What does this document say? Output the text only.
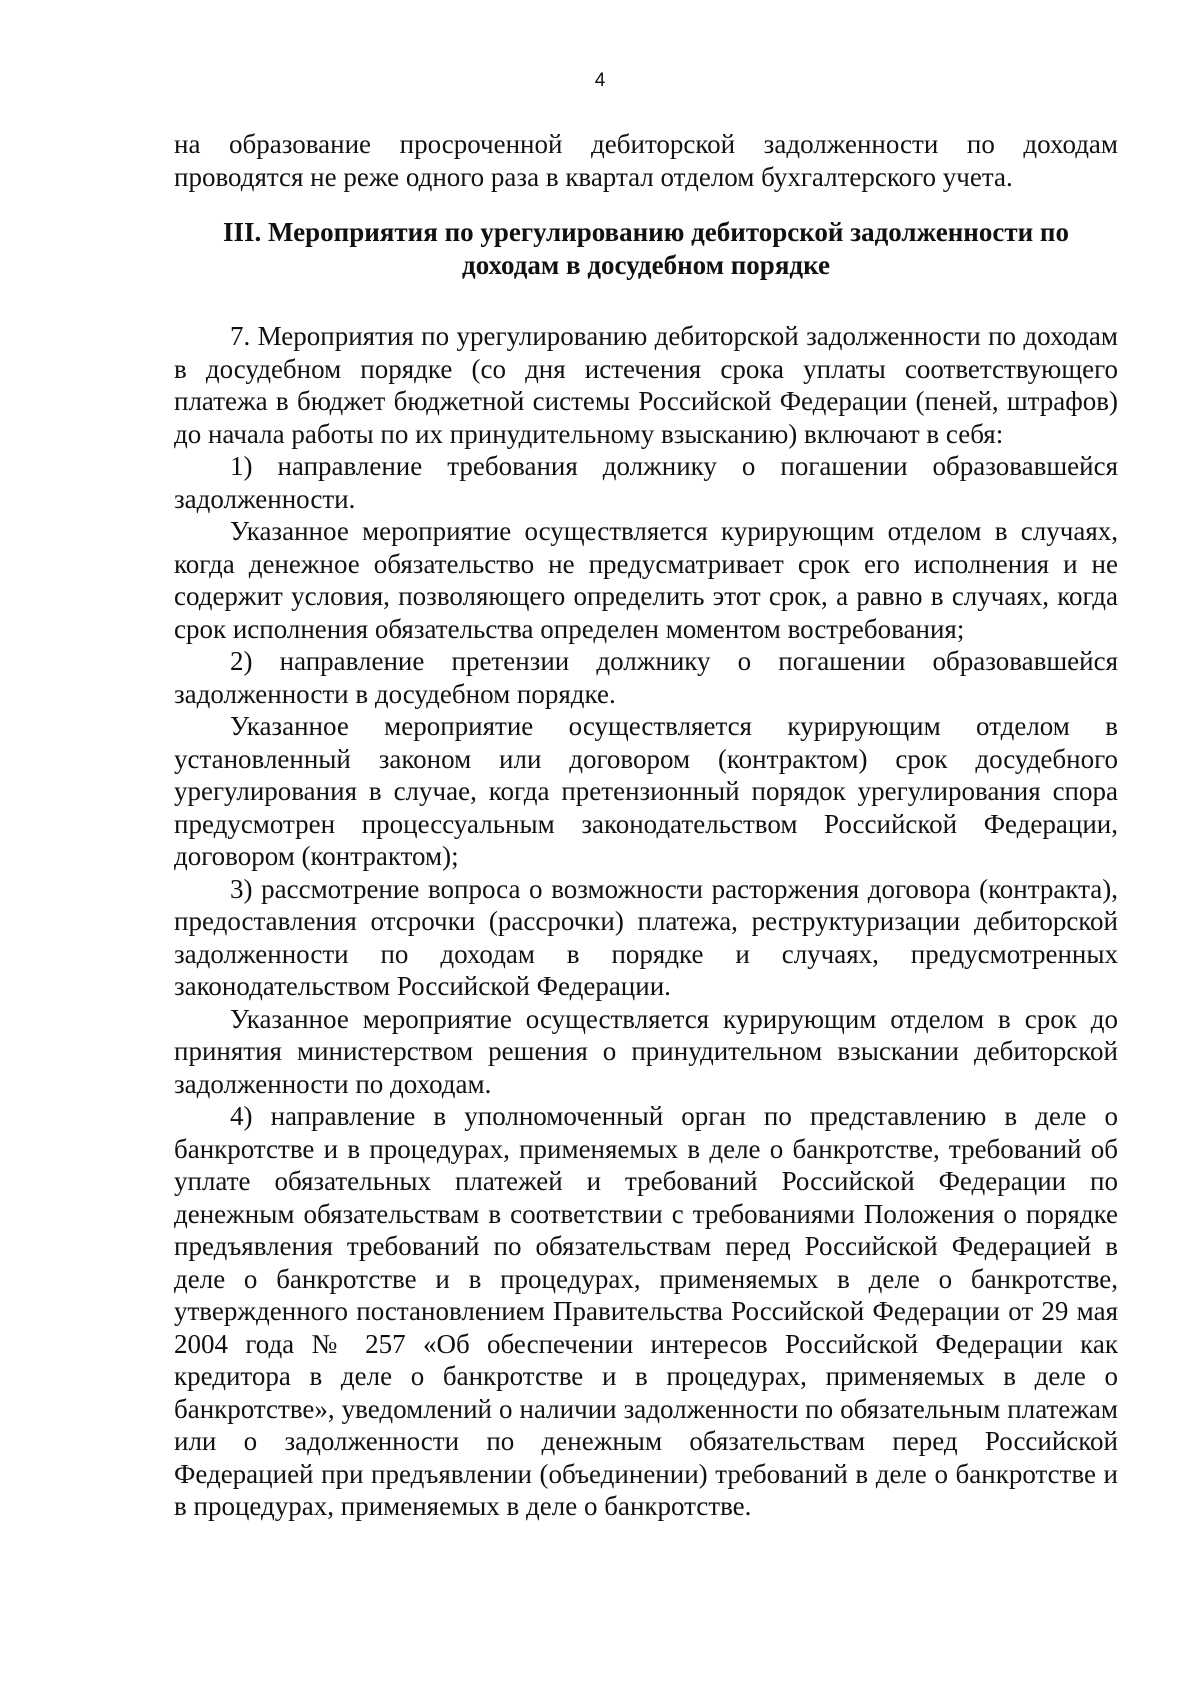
4

на образование просроченной дебиторской задолженности по доходам проводятся не реже одного раза в квартал отделом бухгалтерского учета.

III. Мероприятия по урегулированию дебиторской задолженности по доходам в досудебном порядке

7. Мероприятия по урегулированию дебиторской задолженности по доходам в досудебном порядке (со дня истечения срока уплаты соответствующего платежа в бюджет бюджетной системы Российской Федерации (пеней, штрафов) до начала работы по их принудительному взысканию) включают в себя:

1) направление требования должнику о погашении образовавшейся задолженности.

Указанное мероприятие осуществляется курирующим отделом в случаях, когда денежное обязательство не предусматривает срок его исполнения и не содержит условия, позволяющего определить этот срок, а равно в случаях, когда срок исполнения обязательства определен моментом востребования;

2) направление претензии должнику о погашении образовавшейся задолженности в досудебном порядке.

Указанное мероприятие осуществляется курирующим отделом в установленный законом или договором (контрактом) срок досудебного урегулирования в случае, когда претензионный порядок урегулирования спора предусмотрен процессуальным законодательством Российской Федерации, договором (контрактом);

3) рассмотрение вопроса о возможности расторжения договора (контракта), предоставления отсрочки (рассрочки) платежа, реструктуризации дебиторской задолженности по доходам в порядке и случаях, предусмотренных законодательством Российской Федерации.

Указанное мероприятие осуществляется курирующим отделом в срок до принятия министерством решения о принудительном взыскании дебиторской задолженности по доходам.

4) направление в уполномоченный орган по представлению в деле о банкротстве и в процедурах, применяемых в деле о банкротстве, требований об уплате обязательных платежей и требований Российской Федерации по денежным обязательствам в соответствии с требованиями Положения о порядке предъявления требований по обязательствам перед Российской Федерацией в деле о банкротстве и в процедурах, применяемых в деле о банкротстве, утвержденного постановлением Правительства Российской Федерации от 29 мая 2004 года № 257 «Об обеспечении интересов Российской Федерации как кредитора в деле о банкротстве и в процедурах, применяемых в деле о банкротстве», уведомлений о наличии задолженности по обязательным платежам или о задолженности по денежным обязательствам перед Российской Федерацией при предъявлении (объединении) требований в деле о банкротстве и в процедурах, применяемых в деле о банкротстве.
